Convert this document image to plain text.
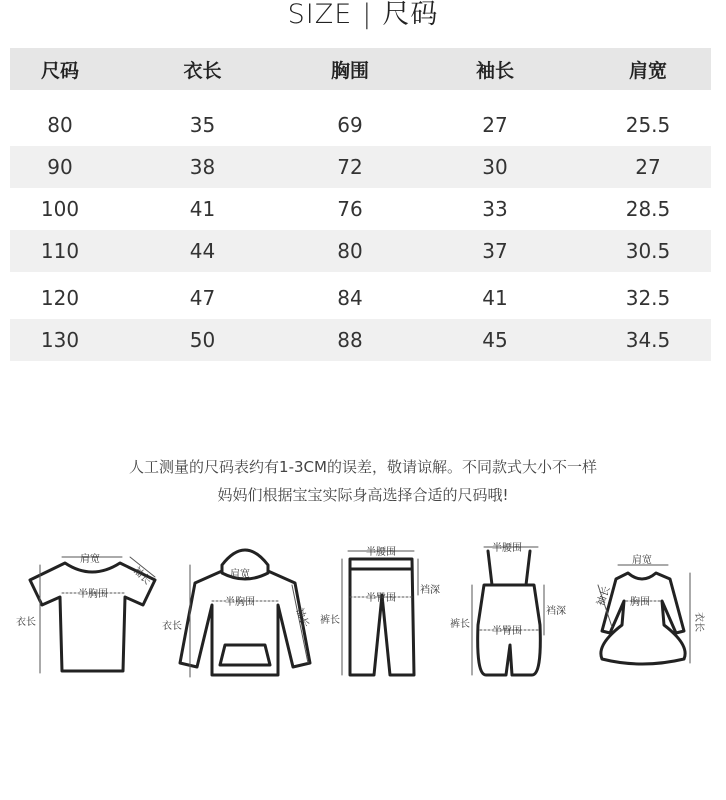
SIZE | 尺码
尺码	衣长	胸围	袖长	肩宽
80	35	69	27	25.5
90	38	72	30	27
100	41	76	33	28.5
110	44	80	37	30.5
120	47	84	41	32.5
130	50	88	45	34.5
人工测量的尺码表约有1-3CM的误差，敬请谅解。不同款式大小不一样
妈妈们根据宝宝实际身高选择合适的尺码哦!
肩宽
袖长
半胸围
衣长
肩宽
半胸围
衣长	袖长
半腰围
半臀围
裆深
裤长
半腰围
半臀围
裆深
裤长
肩宽
胸围
袖长
衣长
